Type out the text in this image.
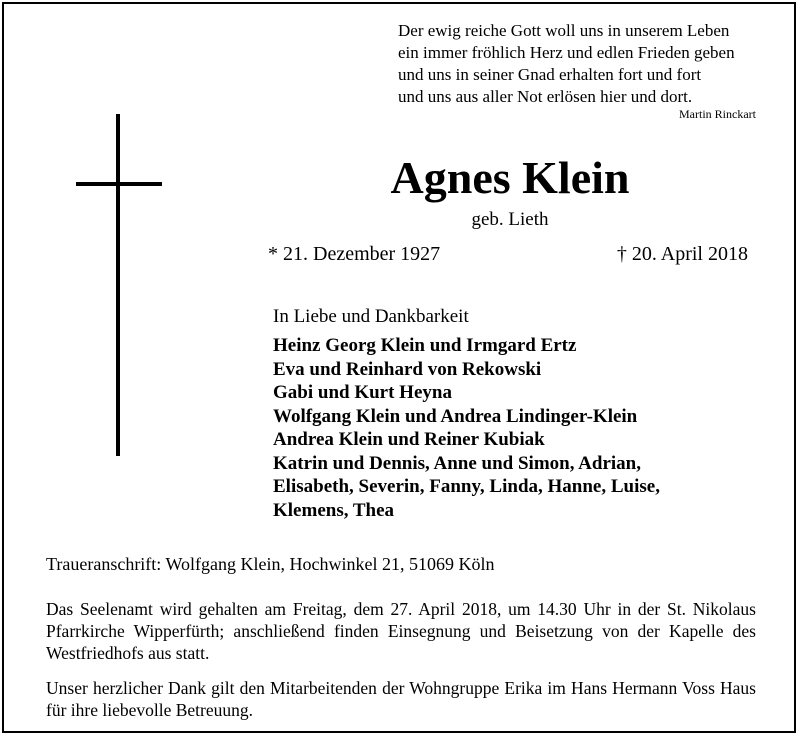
Der ewig reiche Gott woll uns in unserem Leben
ein immer fröhlich Herz und edlen Frieden geben
und uns in seiner Gnad erhalten fort und fort
und uns aus aller Not erlösen hier und dort.
Martin Rinckart
Agnes Klein
geb. Lieth
* 21. Dezember 1927	† 20. April 2018
In Liebe und Dankbarkeit
Heinz Georg Klein und Irmgard Ertz
Eva und Reinhard von Rekowski
Gabi und Kurt Heyna
Wolfgang Klein und Andrea Lindinger-Klein
Andrea Klein und Reiner Kubiak
Katrin und Dennis, Anne und Simon, Adrian,
Elisabeth, Severin, Fanny, Linda, Hanne, Luise,
Klemens, Thea
Traueranschrift: Wolfgang Klein, Hochwinkel 21, 51069 Köln
Das Seelenamt wird gehalten am Freitag, dem 27. April 2018, um 14.30 Uhr in der St. Nikolaus Pfarrkirche Wipperfürth; anschließend finden Einsegnung und Beisetzung von der Kapelle des Westfriedhofs aus statt.
Unser herzlicher Dank gilt den Mitarbeitenden der Wohngruppe Erika im Hans Hermann Voss Haus für ihre liebevolle Betreuung.
